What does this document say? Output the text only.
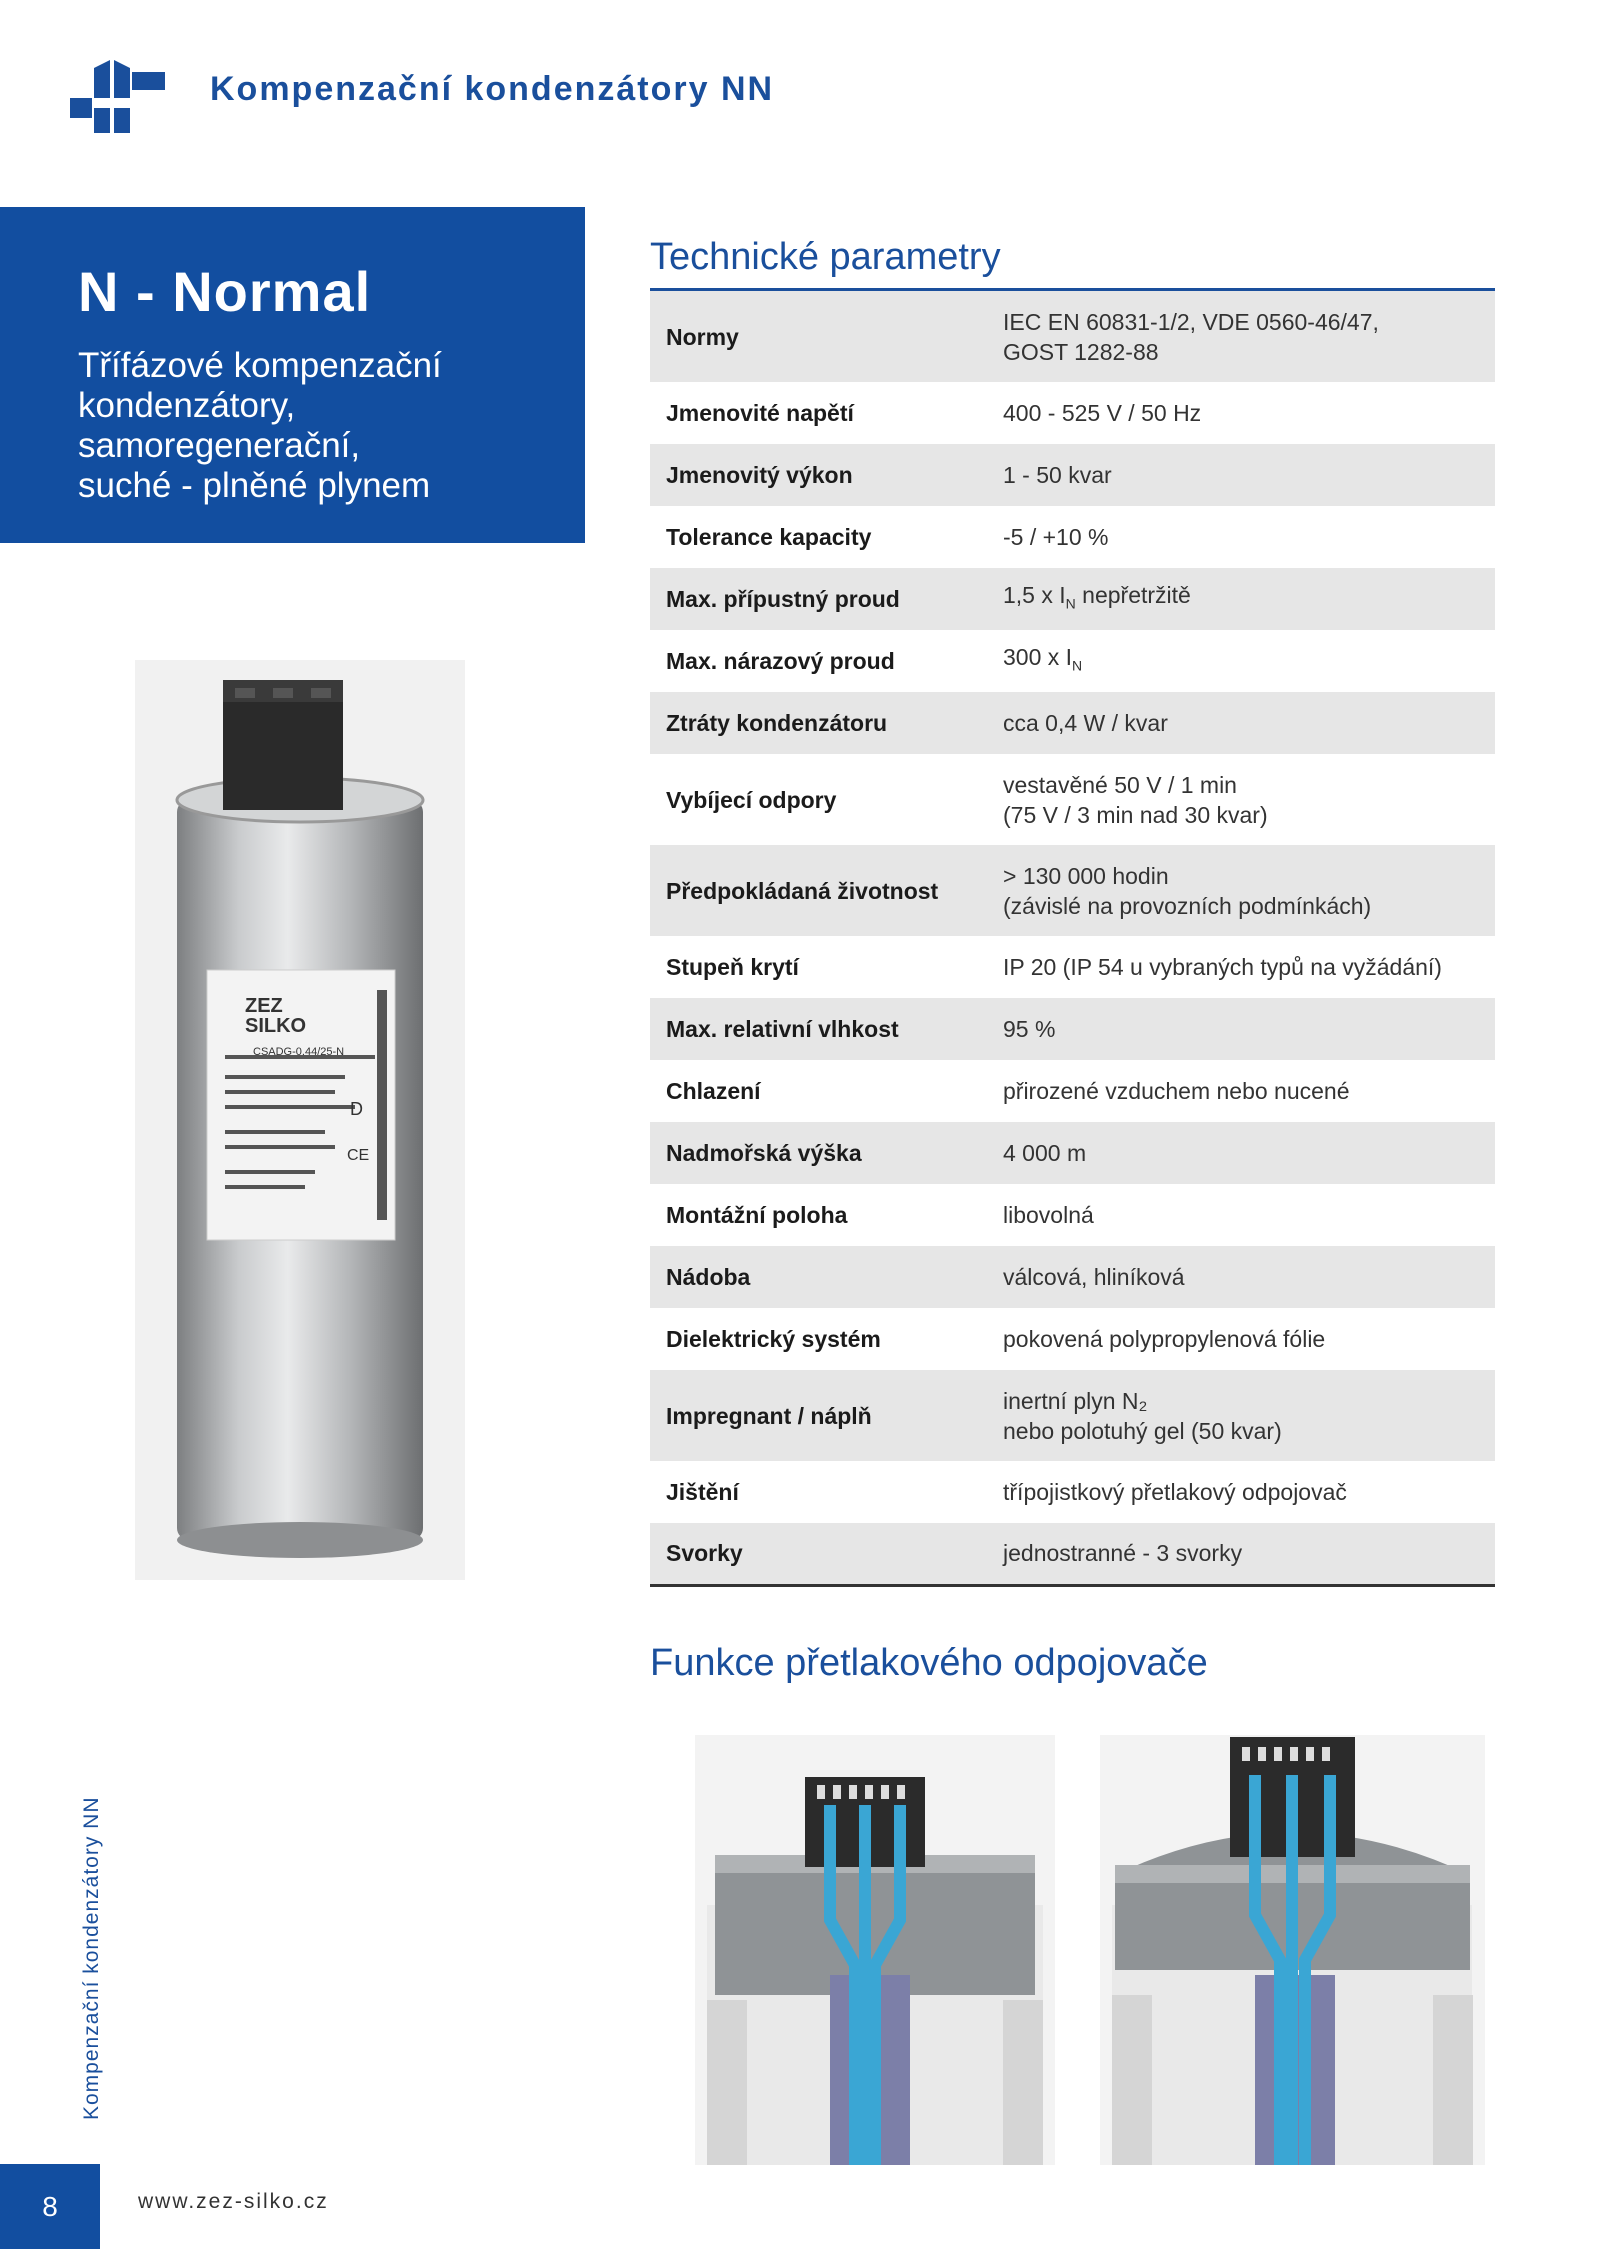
Kompenzační kondenzátory NN
N - Normal
Třífázové kompenzační
kondenzátory,
samoregenerační,
suché - plněné plynem
ZEZ
SILKO
CSADG-0.44/25-N
D
CE
Technické parametry
Normy	IEC EN 60831-1/2, VDE 0560-46/47,
GOST 1282-88

Jmenovité napětí	400 - 525 V / 50 Hz

Jmenovitý výkon	1 - 50 kvar

Tolerance kapacity	-5 / +10 %

Max. přípustný proud	1,5 x $I_N$ nepřetržitě
Max. nárazový proud	300 x $I_N$
Ztráty kondenzátoru	cca 0,4 W / kvar

Vybíjecí odpory	vestavěné 50 V / 1 min
(75 V / 3 min nad 30 kvar)

Předpokládaná životnost	> 130 000 hodin
(závislé na provozních podmínkách)

Stupeň krytí	IP 20 (IP 54 u vybraných typů na vyžádání)

Max. relativní vlhkost	95 %

Chlazení	přirozené vzduchem nebo nucené

Nadmořská výška	4 000 m

Montážní poloha	libovolná

Nádoba	válcová, hliníková

Dielektrický systém	pokovená polypropylenová fólie

Impregnant / náplň	inertní plyn N₂
nebo polotuhý gel (50 kvar)

Jištění	třípojistkový přetlakový odpojovač

Svorky	jednostranné - 3 svorky
Funkce přetlakového odpojovače
Kompenzační kondenzátory NN
8	www.zez-silko.cz
